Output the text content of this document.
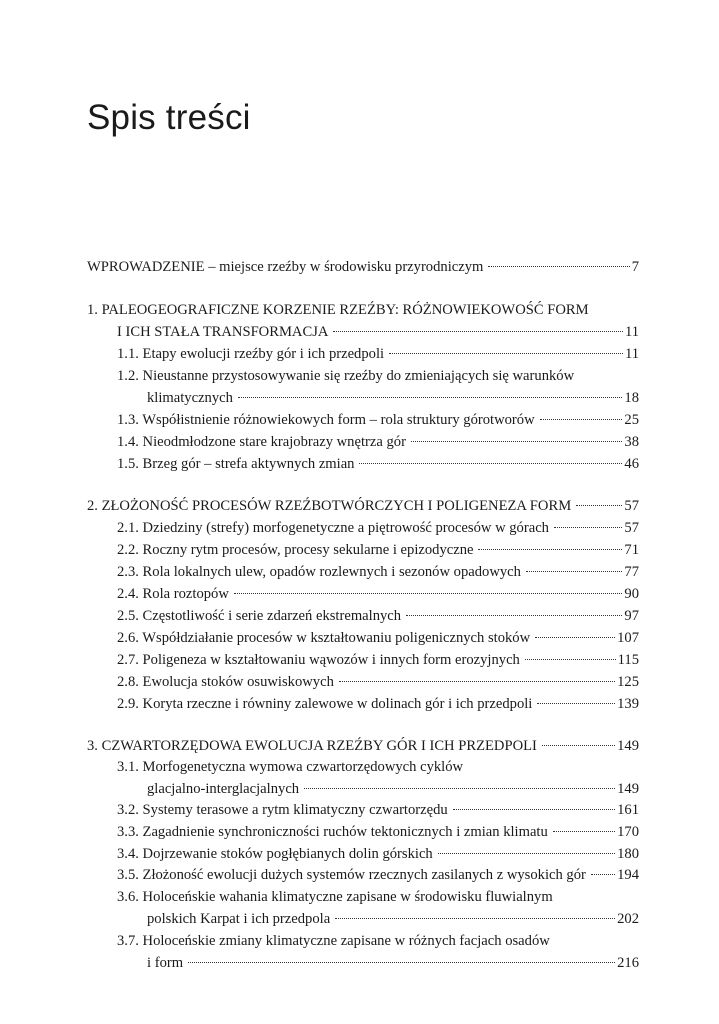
Spis treści
WPROWADZENIE – miejsce rzeźby w środowisku przyrodniczym	7
1. PALEOGEOGRAFICZNE KORZENIE RZEŹBY: RÓŻNOWIEKOWOŚĆ FORM
I ICH STAŁA TRANSFORMACJA	11
1.1. Etapy ewolucji rzeźby gór i ich przedpoli	11
1.2. Nieustanne przystosowywanie się rzeźby do zmieniających się warunków
klimatycznych	18
1.3. Współistnienie różnowiekowych form – rola struktury górotworów	25
1.4. Nieodmłodzone stare krajobrazy wnętrza gór	38
1.5. Brzeg gór – strefa aktywnych zmian	46
2. ZŁOŻONOŚĆ PROCESÓW RZEŹBOTWÓRCZYCH I POLIGENEZA FORM	57
2.1. Dziedziny (strefy) morfogenetyczne a piętrowość procesów w górach	57
2.2. Roczny rytm procesów, procesy sekularne i epizodyczne	71
2.3. Rola lokalnych ulew, opadów rozlewnych i sezonów opadowych	77
2.4. Rola roztopów	90
2.5. Częstotliwość i serie zdarzeń ekstremalnych	97
2.6. Współdziałanie procesów w kształtowaniu poligenicznych stoków	107
2.7. Poligeneza w kształtowaniu wąwozów i innych form erozyjnych	115
2.8. Ewolucja stoków osuwiskowych	125
2.9. Koryta rzeczne i równiny zalewowe w dolinach gór i ich przedpoli	139
3. CZWARTORZĘDOWA EWOLUCJA RZEŹBY GÓR I ICH PRZEDPOLI	149
3.1. Morfogenetyczna wymowa czwartorzędowych cyklów
glacjalno-interglacjalnych	149
3.2. Systemy terasowe a rytm klimatyczny czwartorzędu	161
3.3. Zagadnienie synchroniczności ruchów tektonicznych i zmian klimatu	170
3.4. Dojrzewanie stoków pogłębianych dolin górskich	180
3.5. Złożoność ewolucji dużych systemów rzecznych zasilanych z wysokich gór 194
3.6. Holoceńskie wahania klimatyczne zapisane w środowisku fluwialnym
polskich Karpat i ich przedpola	202
3.7. Holoceńskie zmiany klimatyczne zapisane w różnych facjach osadów
i form	216
